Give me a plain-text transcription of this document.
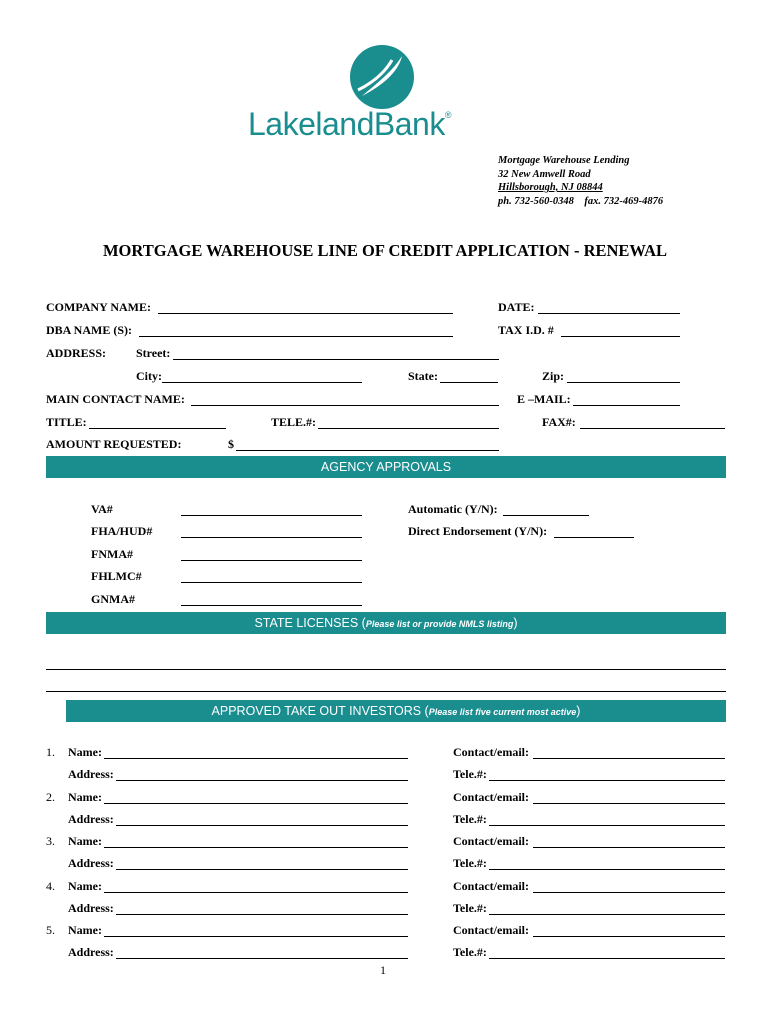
LakelandBank®
Mortgage Warehouse Lending
32 New Amwell Road
Hillsborough, NJ 08844
ph. 732-560-0348 fax. 732-469-4876
MORTGAGE WAREHOUSE LINE OF CREDIT APPLICATION - RENEWAL
COMPANY NAME:	DATE:
DBA NAME (S):	TAX I.D. #
ADDRESS: Street:
City:	State:	Zip:
MAIN CONTACT NAME:	E –MAIL:
TITLE:	TELE.#:	FAX#:
AMOUNT REQUESTED:	$
AGENCY APPROVALS
VA#	Automatic (Y/N):
FHA/HUD#	Direct Endorsement (Y/N):
FNMA#
FHLMC#
GNMA#
STATE LICENSES (Please list or provide NMLS listing)
APPROVED TAKE OUT INVESTORS (Please list five current most active)
1. Name:	Contact/email:
Address:	Tele.#:
2. Name:	Contact/email:
Address:	Tele.#:
3. Name:	Contact/email:
Address:	Tele.#:
4. Name:	Contact/email:
Address:	Tele.#:
5. Name:	Contact/email:
Address:	Tele.#:
1
